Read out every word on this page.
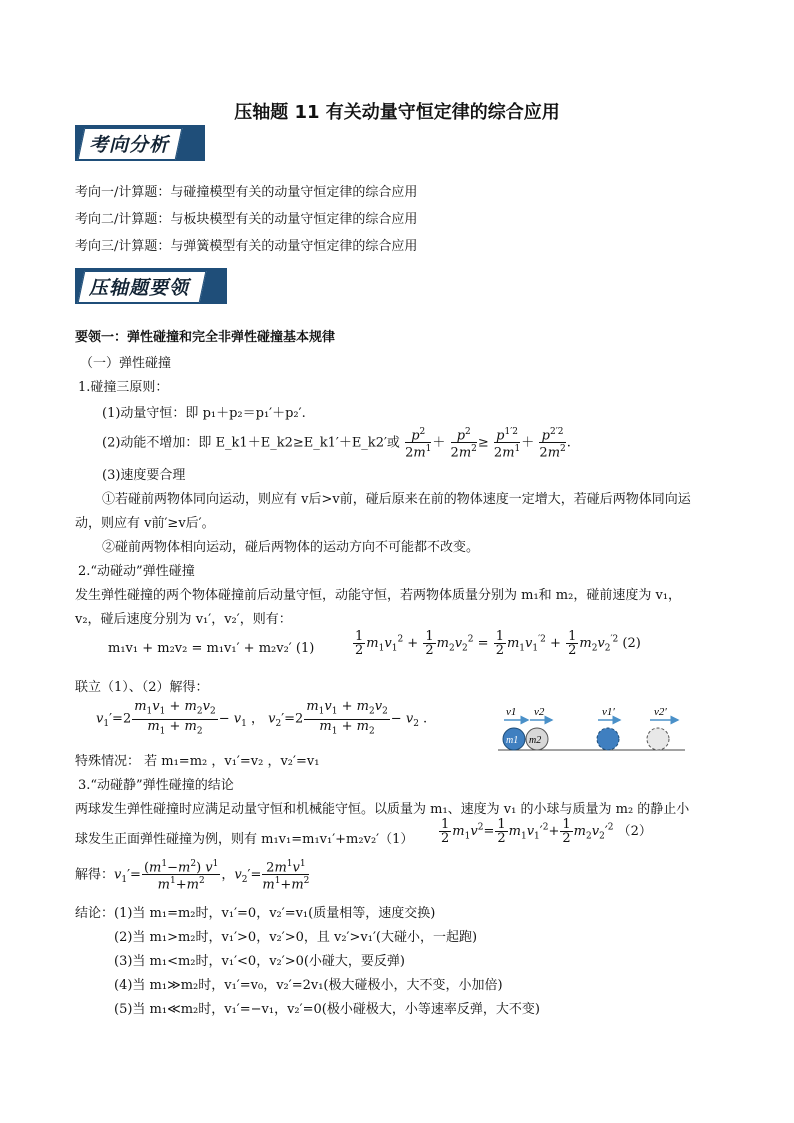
压轴题 11 有关动量守恒定律的综合应用
考向分析
考向一/计算题：与碰撞模型有关的动量守恒定律的综合应用
考向二/计算题：与板块模型有关的动量守恒定律的综合应用
考向三/计算题：与弹簧模型有关的动量守恒定律的综合应用
压轴题要领
要领一：弹性碰撞和完全非弹性碰撞基本规律
（一）弹性碰撞
1.碰撞三原则：
(1)动量守恒：即 p₁＋p₂＝p₁′＋p₂′.
(2)动能不增加：即 E_k1＋E_k2≥E_k1′＋E_k2′或 $\frac{p^2}{2m^1} + \frac{p^2}{2m^2} \ge \frac{p^{1'2}}{2m^1} + \frac{p^{2'2}}{2m^2}$ .
(3)速度要合理
①若碰前两物体同向运动，则应有 v后>v前，碰后原来在前的物体速度一定增大，若碰后两物体同向运
动，则应有 v前′≥v后′。
②碰前两物体相向运动，碰后两物体的运动方向不可能都不改变。
2.“动碰动”弹性碰撞
发生弹性碰撞的两个物体碰撞前后动量守恒，动能守恒，若两物体质量分别为 m₁和 m₂，碰前速度为 v₁，
v₂，碰后速度分别为 v₁′，v₂′，则有：
m₁v₁ + m₂v₂ = m₁v₁′ + m₂v₂′ (1)	$\frac{1}{2} m_1v_1^2 + \frac{1}{2} m_2v_2^2 = \frac{1}{2} m_1v_1^{'2} + \frac{1}{2} m_2v_2^{'2}$ (2)
联立（1）、（2）解得：
$v_1'=2 \frac{m_1v_1 + m_2v_2}{m_1 + m_2} - v_1$ ， $v_2'=2 \frac{m_1v_1 + m_2v_2}{m_1 + m_2} - v_2$ .	v1 v2	v1′	v2′
m1 m2
特殊情况： 若 m₁=m₂ ，v₁′=v₂ ，v₂′=v₁
3.“动碰静”弹性碰撞的结论
两球发生弹性碰撞时应满足动量守恒和机械能守恒。以质量为 m₁、速度为 v₁ 的小球与质量为 m₂ 的静止小
球发生正面弹性碰撞为例，则有 $m_1v_1=m_1v_1'+m_2v_2'(1) \frac{1}{2} m_1v^2= \frac{1}{2} m_1v_1'^2+ \frac{1}{2} m_2v_2'^2$ （2）
解得：$v_1'= \frac{(m^1-m^2) v^1}{m^1+m^2}$ ，$v_2'= \frac{2m^1v^1}{m^1+m^2}$
结论：(1)当 m₁=m₂时，v₁′=0，v₂′=v₁(质量相等，速度交换)
(2)当 m₁>m₂时，v₁′>0，v₂′>0，且 v₂′>v₁′(大碰小，一起跑)
(3)当 m₁<m₂时，v₁′<0，v₂′>0(小碰大，要反弹)
(4)当 m₁≫m₂时，v₁′=v₀，v₂′=2v₁(极大碰极小，大不变，小加倍)
(5)当 m₁≪m₂时，v₁′=−v₁，v₂′=0(极小碰极大，小等速率反弹，大不变)
